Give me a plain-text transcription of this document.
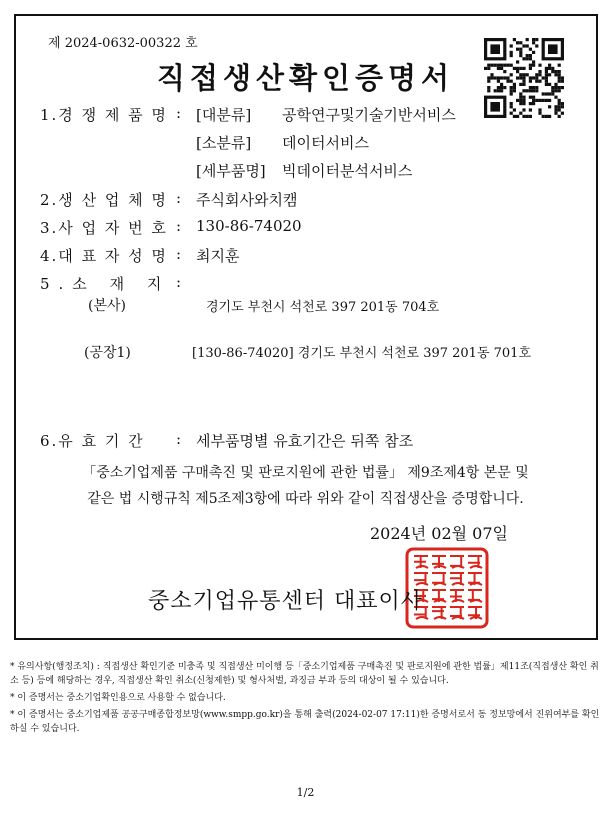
제 2024-0632-00322 호
직접생산확인증명서
1.경 쟁 제 품 명 : [대분류] 공학연구및기술기반서비스
[소분류] 데이터서비스
[세부품명] 빅데이터분석서비스
2.생 산 업 체 명 : 주식회사와치캠
3.사 업 자 번 호 : 130-86-74020
4.대 표 자 성 명 : 최지훈
5.소 재 지 :
(본사)	경기도 부천시 석천로 397 201동 704호
(공장1)	[130-86-74020] 경기도 부천시 석천로 397 201동 701호
6.유 효 기 간 : 세부품명별 유효기간은 뒤쪽 참조
「중소기업제품 구매촉진 및 판로지원에 관한 법률」 제9조제4항 본문 및
같은 법 시행규칙 제5조제3항에 따라 위와 같이 직접생산을 증명합니다.
2024년 02월 07일
중소기업유통센터 대표이사
* 유의사항(행정조치) : 직접생산 확인기준 미충족 및 직접생산 미이행 등「중소기업제품 구매촉진 및 판로지원에 관한 법률」제11조(직접생산 확인 취소 등) 등에 해당하는 경우, 직접생산 확인 취소(신청제한) 및 형사처벌, 과징금 부과 등의 대상이 될 수 있습니다.
* 이 증명서는 중소기업확인용으로 사용할 수 없습니다.
* 이 증명서는 중소기업제품 공공구매종합정보망(www.smpp.go.kr)을 통해 출력(2024-02-07 17:11)한 증명서로서 동 정보망에서 진위여부를 확인하실 수 있습니다.
1/2
